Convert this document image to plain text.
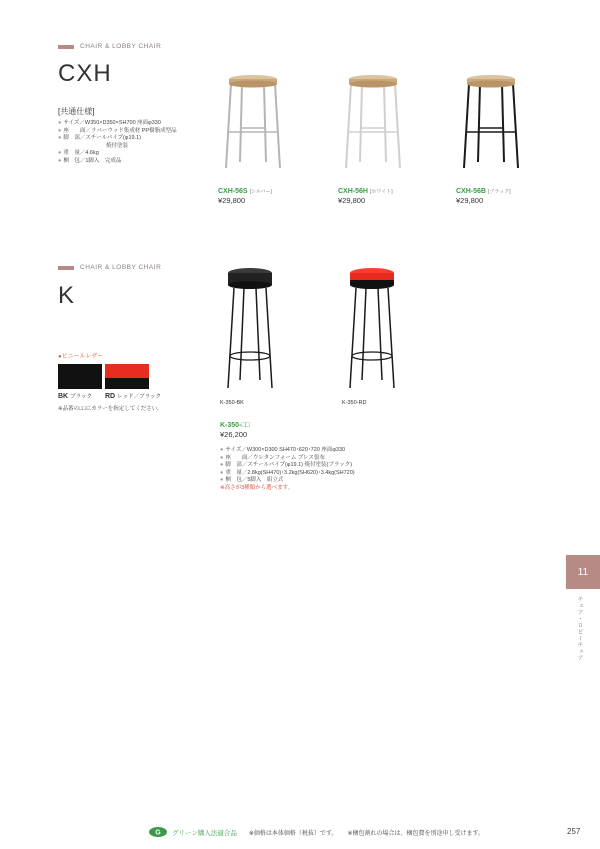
CHAIR & LOBBY CHAIR
CXH
[共通仕様]
● サイズ／W350×D350×SH700 座面φ330
● 座　　面／ラバーウッド集成材 PP樹脂成型品
● 脚　部／スチールパイプ(φ19.1)
焼付塗装
● 重　量／4.6kg
● 梱　包／1脚入　完成品
CXH-56S [シルバー]
¥29,800
CXH-56H [ホワイト]
¥29,800
CXH-56B [ブラック]
¥29,800
CHAIR & LOBBY CHAIR
K
●ビニールレザー
BK ブラック	RD レッド／ブラック
※品番の□□にカラーを指定してください。
K-350-BK	K-350-RD
K-350-□□
¥26,200
● サイズ／W300×D300 SH470･620･720 座面φ330
● 座　　面／ウレタンフォーム プレス張布
● 脚　部／スチールパイプ(φ19.1) 焼付塗装(ブラック)
● 重　量／2.8kg(SH470)･3.2kg(SH620)･3.4kg(SH720)
● 梱　包／5脚入　組立式
※高さが3種類から選べます。
11
チェア・ロビーチェア
G グリーン購入法適合品 ※価格は本体価格（税抜）です。 ※梱包割れの場合は、梱包費を別途申し受けます。	257
